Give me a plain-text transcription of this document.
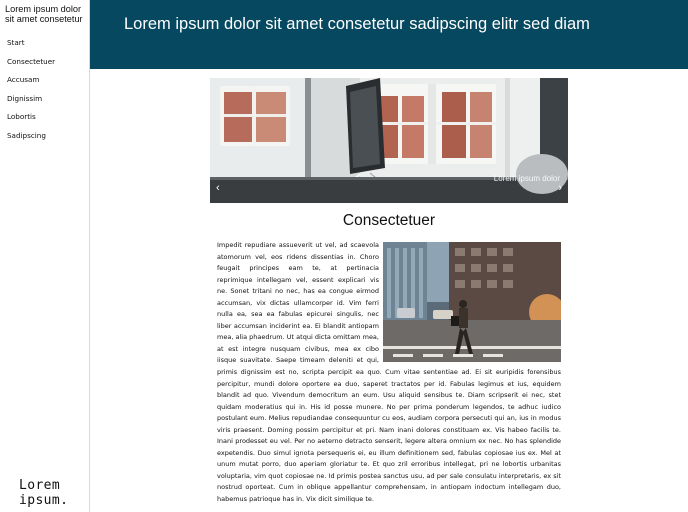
Lorem ipsum dolor sit amet consetetur
Start
Consectetuer
Accusam
Dignissim
Lobortis
Sadipscing
Lorem ipsum.
Lorem ipsum dolor sit amet consetetur sadipscing elitr sed diam
‹
Lorem ipsum dolor
›
Consectetuer
Impedit repudiare assueverit ut vel, ad scaevola atomorum vel, eos ridens dissentias in. Choro feugait principes eam te, at pertinacia reprimique intellegam vel, essent explicari vis ne. Sonet tritani no nec, has ea congue eirmod accumsan, vix dictas ullamcorper id. Vim ferri nulla ea, sea ea fabulas epicurei singulis, nec liber accumsan inciderint ea. Ei blandit antiopam mea, alia phaedrum. Ut atqui dicta omittam mea, at est integre nusquam civibus, mea ex cibo iisque suavitate. Saepe timeam deleniti et qui, primis dignissim est no, scripta percipit ea quo. Cum vitae sententiae ad. Ei sit euripidis forensibus percipitur, mundi dolore oportere ea duo, saperet tractatos per id. Fabulas legimus et ius, equidem blandit ad quo. Vivendum democritum an eum. Usu aliquid sensibus te. Diam scripserit ei nec, stet quidam moderatius qui in. His id posse munere. No per prima ponderum legendos, te adhuc iudico postulant eum. Melius repudiandae consequuntur cu eos, audiam corpora persecuti qui an, ius in modus viris praesent. Doming possim percipitur et pri. Nam inani dolores constituam ex. Vis habeo facilis te. Inani prodesset eu vel. Per no aeterno detracto senserit, legere altera omnium ex nec. No has splendide expetendis. Duo simul ignota persequeris ei, eu illum definitionem sed, fabulas copiosae ius ex. Mel at unum mutat porro, duo aperiam gloriatur te. Et quo zril erroribus intellegat, pri ne lobortis urbanitas voluptaria, vim quot copiosae ne. Id primis postea sanctus usu, ad per sale consulatu interpretaris, ex sit nostrud oporteat. Cum in oblique appellantur comprehensam, in antiopam indoctum intellegam duo, habemus patrioque has in. Vix dicit similique te.
